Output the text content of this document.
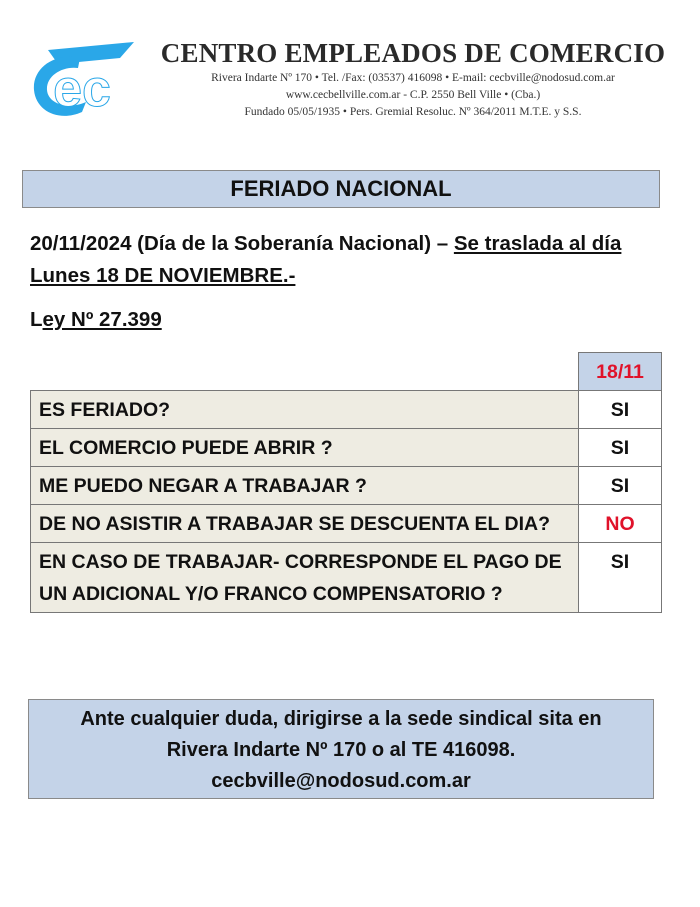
ec
CENTRO EMPLEADOS DE COMERCIO
Rivera Indarte Nº 170 • Tel. /Fax: (03537) 416098 • E-mail: cecbville@nodosud.com.ar
www.cecbellville.com.ar - C.P. 2550 Bell Ville • (Cba.)
Fundado 05/05/1935 • Pers. Gremial Resoluc. Nº 364/2011 M.T.E. y S.S.
FERIADO NACIONAL
20/11/2024 (Día de la Soberanía Nacional) – Se traslada al día Lunes 18 DE NOVIEMBRE.-
Ley Nº 27.399
	18/11
ES FERIADO?	SI
EL COMERCIO PUEDE ABRIR ?	SI
ME PUEDO NEGAR A TRABAJAR ?	SI
DE NO ASISTIR A TRABAJAR SE DESCUENTA EL DIA?	NO
EN CASO DE TRABAJAR- CORRESPONDE EL PAGO DE UN ADICIONAL Y/O FRANCO COMPENSATORIO ?	SI
Ante cualquier duda, dirigirse a la sede sindical sita en
Rivera Indarte Nº 170 o al TE 416098.
cecbville@nodosud.com.ar
